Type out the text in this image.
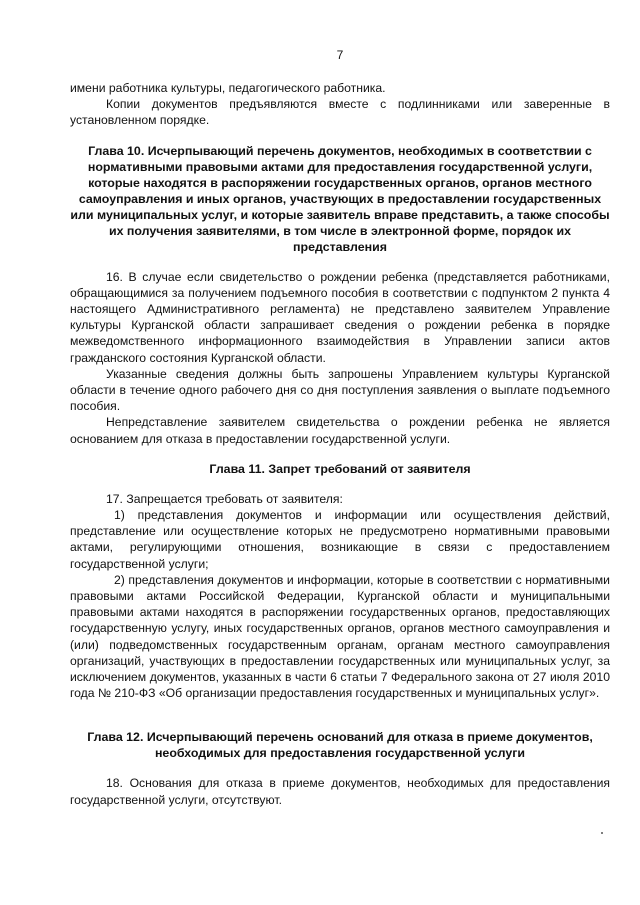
7

имени работника культуры, педагогического работника.

Копии документов предъявляются вместе с подлинниками или заверенные в установленном порядке.

Глава 10. Исчерпывающий перечень документов, необходимых в соответствии с нормативными правовыми актами для предоставления государственной услуги, которые находятся в распоряжении государственных органов, органов местного самоуправления и иных органов, участвующих в предоставлении государственных или муниципальных услуг, и которые заявитель вправе представить, а также способы их получения заявителями, в том числе в электронной форме, порядок их представления

16. В случае если свидетельство о рождении ребенка (представляется работниками, обращающимися за получением подъемного пособия в соответствии с подпунктом 2 пункта 4 настоящего Административного регламента) не представлено заявителем Управление культуры Курганской области запрашивает сведения о рождении ребенка в порядке межведомственного информационного взаимодействия в Управлении записи актов гражданского состояния Курганской области.

Указанные сведения должны быть запрошены Управлением культуры Курганской области в течение одного рабочего дня со дня поступления заявления о выплате подъемного пособия.

Непредставление заявителем свидетельства о рождении ребенка не является основанием для отказа в предоставлении государственной услуги.

Глава 11. Запрет требований от заявителя

17. Запрещается требовать от заявителя:

1) представления документов и информации или осуществления действий, представление или осуществление которых не предусмотрено нормативными правовыми актами, регулирующими отношения, возникающие в связи с предоставлением государственной услуги;

2) представления документов и информации, которые в соответствии с нормативными правовыми актами Российской Федерации, Курганской области и муниципальными правовыми актами находятся в распоряжении государственных органов, предоставляющих государственную услугу, иных государственных органов, органов местного самоуправления и (или) подведомственных государственным органам, органам местного самоуправления организаций, участвующих в предоставлении государственных или муниципальных услуг, за исключением документов, указанных в части 6 статьи 7 Федерального закона от 27 июля 2010 года № 210-ФЗ «Об организации предоставления государственных и муниципальных услуг».

Глава 12. Исчерпывающий перечень оснований для отказа в приеме документов, необходимых для предоставления государственной услуги

18. Основания для отказа в приеме документов, необходимых для предоставления государственной услуги, отсутствуют.
